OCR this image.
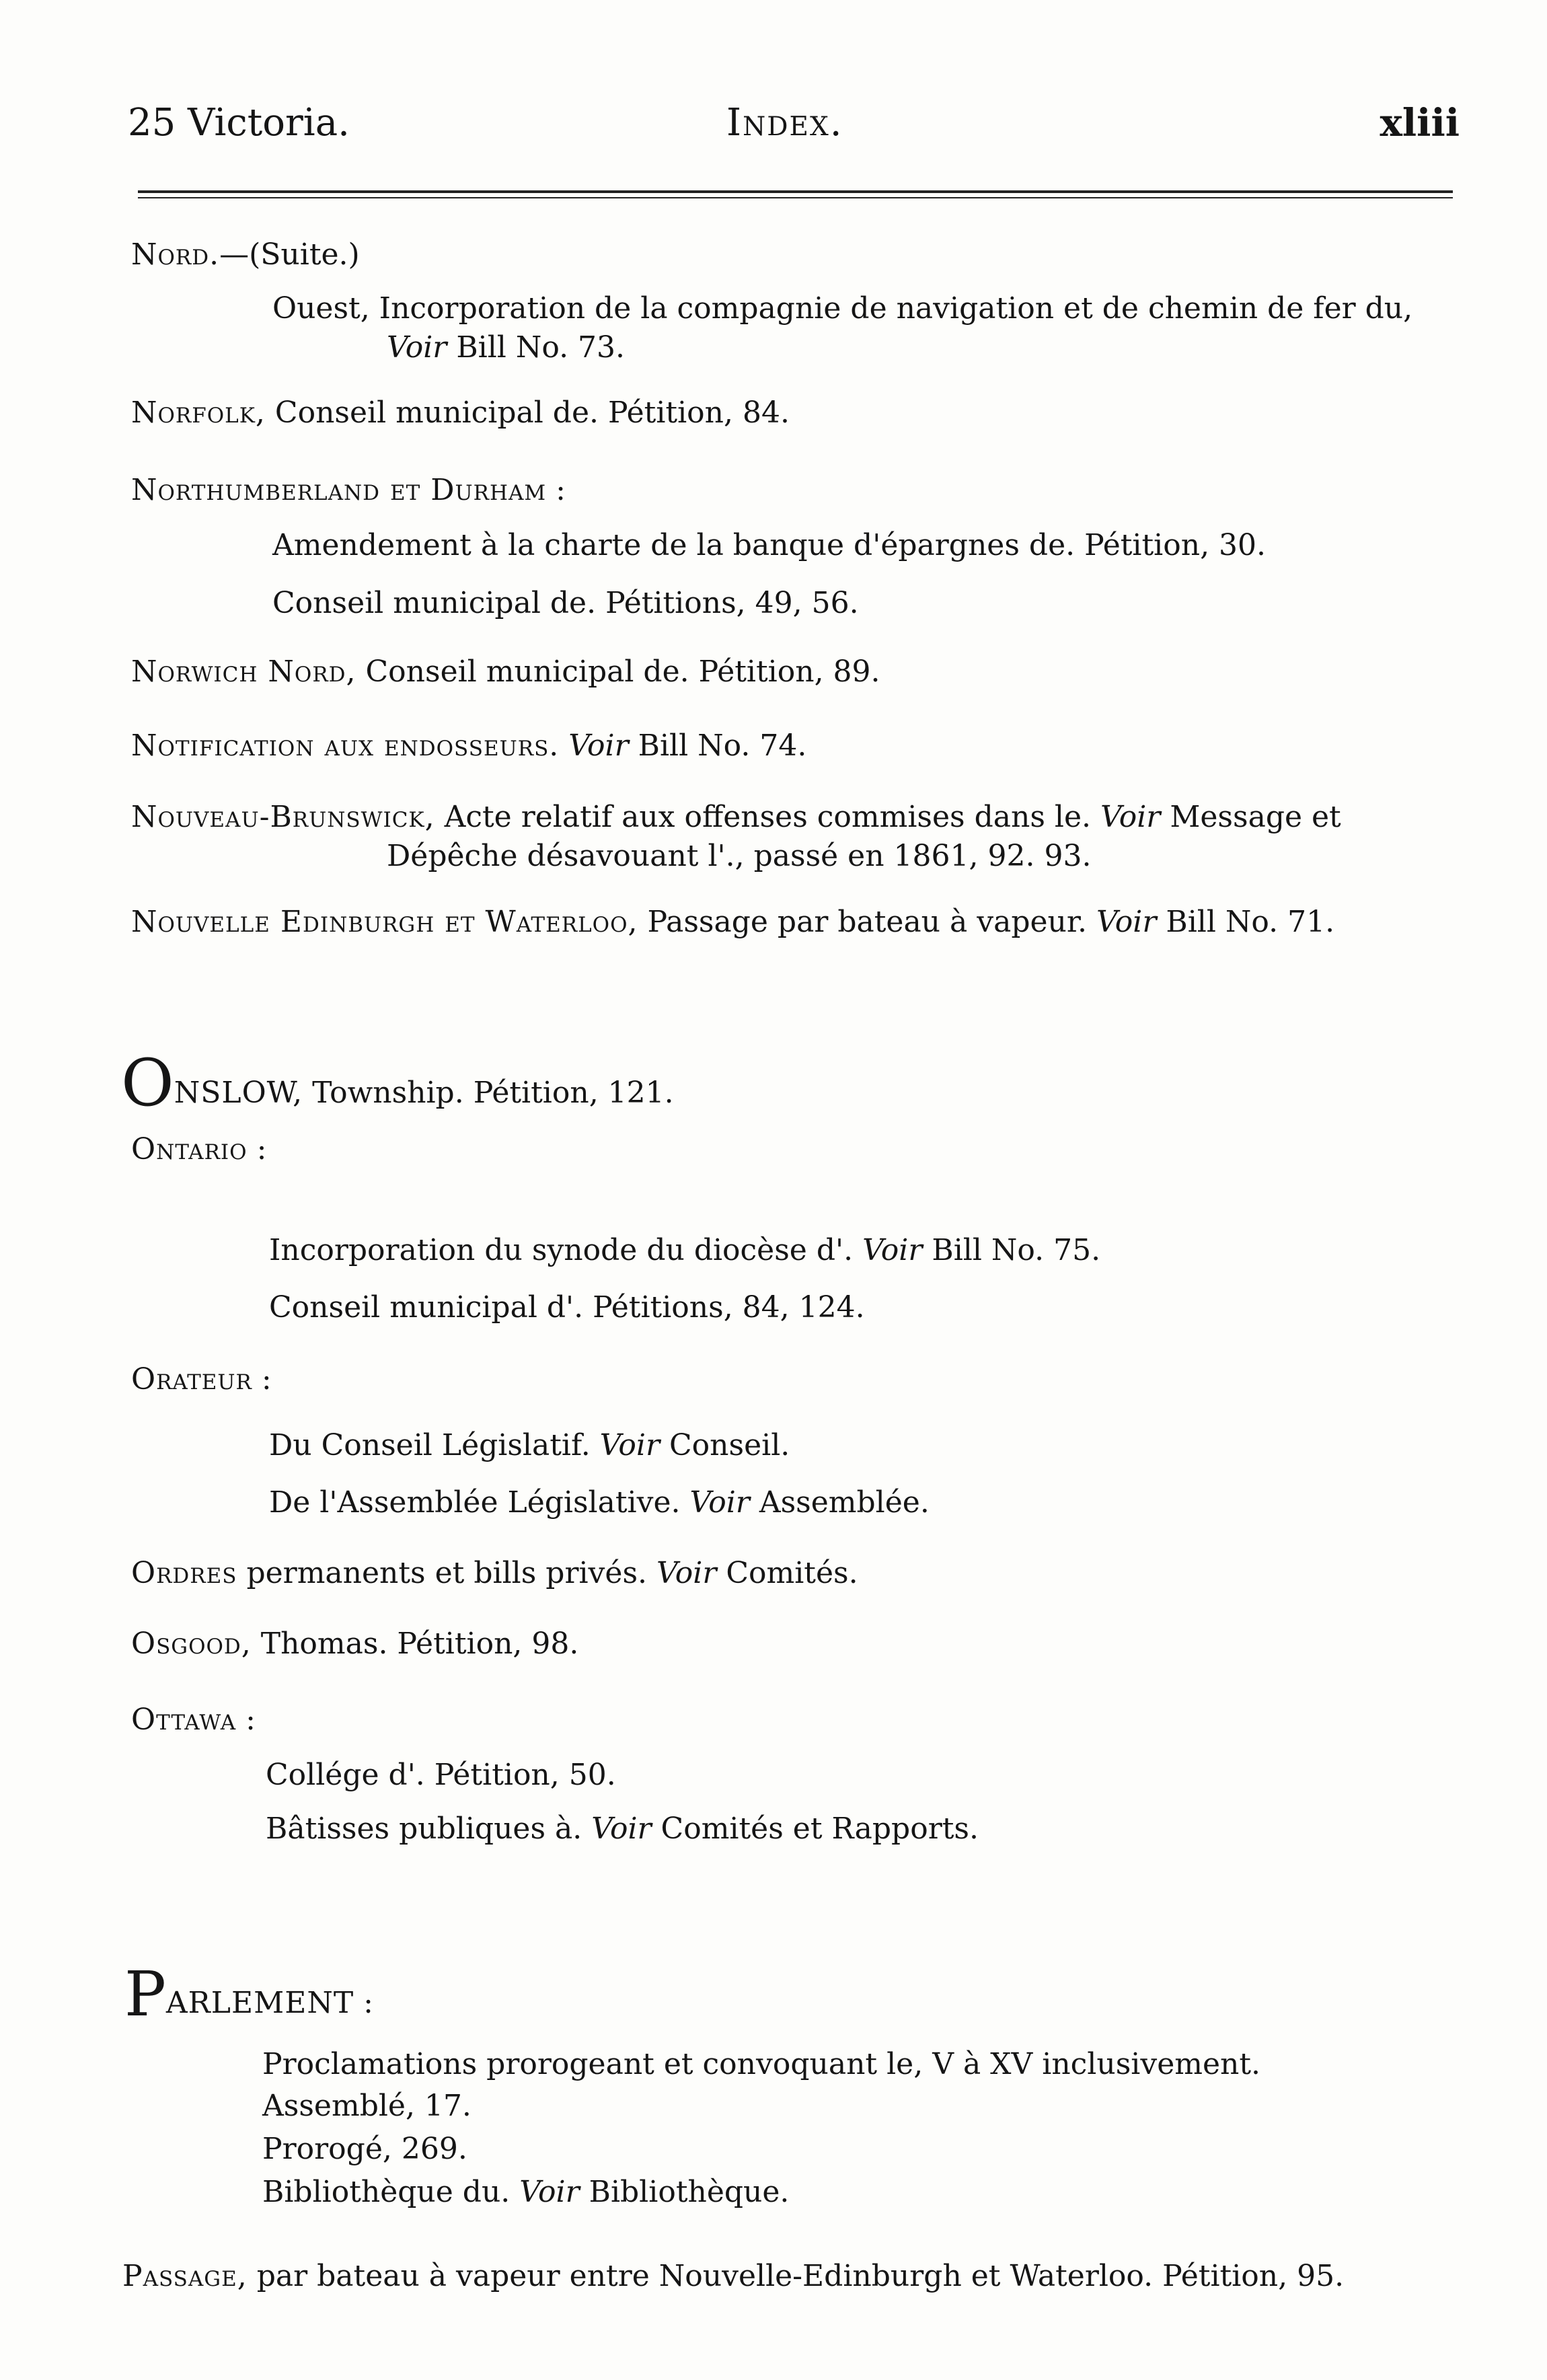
25 Victoria.	Index.	xliii
Nord.—(Suite.)
Ouest, Incorporation de la compagnie de navigation et de chemin de fer du,
Voir Bill No. 73.
Norfolk, Conseil municipal de. Pétition, 84.
Northumberland et Durham :
Amendement à la charte de la banque d'épargnes de. Pétition, 30.
Conseil municipal de. Pétitions, 49, 56.
Norwich Nord, Conseil municipal de. Pétition, 89.
Notification aux endosseurs. Voir Bill No. 74.
Nouveau-Brunswick, Acte relatif aux offenses commises dans le. Voir Message et
Dépêche désavouant l'., passé en 1861, 92. 93.
Nouvelle Edinburgh et Waterloo, Passage par bateau à vapeur. Voir Bill No. 71.
ONSLOW, Township. Pétition, 121.
Ontario :
Incorporation du synode du diocèse d'. Voir Bill No. 75.
Conseil municipal d'. Pétitions, 84, 124.
Orateur :
Du Conseil Législatif. Voir Conseil.
De l'Assemblée Législative. Voir Assemblée.
Ordres permanents et bills privés. Voir Comités.
Osgood, Thomas. Pétition, 98.
Ottawa :
Collége d'. Pétition, 50.
Bâtisses publiques à. Voir Comités et Rapports.
PARLEMENT :
Proclamations prorogeant et convoquant le, V à XV inclusivement.
Assemblé, 17.
Prorogé, 269.
Bibliothèque du. Voir Bibliothèque.
Passage, par bateau à vapeur entre Nouvelle-Edinburgh et Waterloo. Pétition, 95.
